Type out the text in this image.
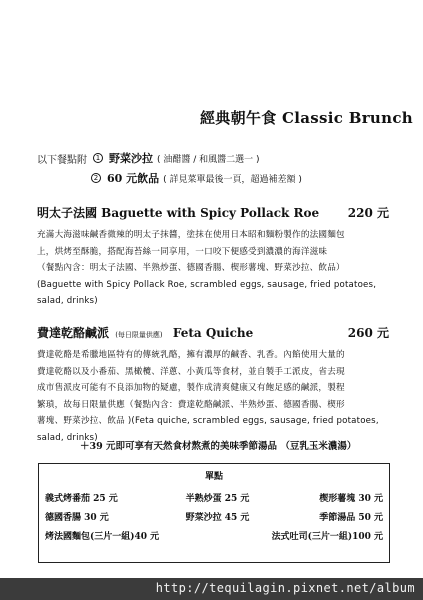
經典朝午食 Classic Brunch
以下餐點附	1 野菜沙拉 ( 油醋醬 / 和風醬二選一 )
2 60 元飲品 ( 詳見菜單最後一頁，超過補差額 )
明太子法國 Baguette with Spicy Pollack Roe 220 元

充滿大海滋味鹹香微辣的明太子抹醬，塗抹在使用日本昭和麵粉製作的法國麵包

上，烘烤至酥脆，搭配海苔絲一同享用，一口咬下便感受到濃濃的海洋滋味

（餐點內含：明太子法國、半熟炒蛋、德國香腸、楔形薯塊、野菜沙拉、飲品）

(Baguette with Spicy Pollack Roe, scrambled eggs, sausage, fried potatoes,

salad, drinks)

費達乾酪鹹派 (每日限量供應) Feta Quiche	260 元

費達乾酪是希臘地區特有的傳統乳酪，擁有濃厚的鹹香、乳香。內餡使用大量的

費達乾酪以及小番茄、黑橄欖、洋蔥、小黃瓜等食材，並自製手工派皮，省去現

成市售派皮可能有不良添加物的疑慮，製作成清爽健康又有飽足感的鹹派，製程

繁瑣，故每日限量供應（餐點內含：費達乾酪鹹派、半熟炒蛋、德國香腸、楔形

薯塊、野菜沙拉、飲品 )(Feta quiche, scrambled eggs, sausage, fried potatoes,

salad, drinks)

＋39 元即可享有天然食材熬煮的美味季節湯品 （豆乳玉米濃湯）
單點
義式烤番茄 25 元	半熟炒蛋 25 元	楔形薯塊 30 元
德國香腸 30 元	野菜沙拉 45 元	季節湯品 50 元
烤法國麵包(三片一組)40 元	法式吐司(三片一組)100 元
http://tequilagin.pixnet.net/album
